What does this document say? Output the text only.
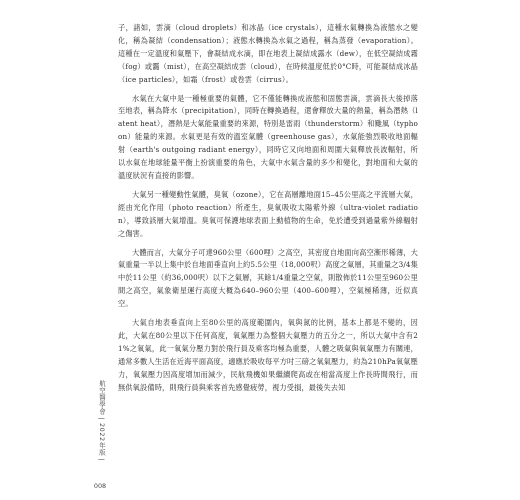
子，諸如，雲滴（cloud droplets）和冰晶（ice crystals），這種水氣轉換為液態水之變化，稱為凝結（condensation）；液態水轉換為水氣之過程，稱為蒸發（evaporation）。這種在一定溫度和氣壓下，會凝結成水滴，即在地表上凝結成露水（dew），在低空凝結成霧（fog）或靄（mist），在高空凝結成雲（cloud），在時候溫度低於0°C時，可能凝結成冰晶（ice particles），如霜（frost）或卷雲（cirrus）。

水氣在大氣中是一種極重要的氣體，它不僅能轉換成液態和固態雲滴，雲滴長大後掉落至地表，稱為降水（precipitation），同時在轉換過程，還會釋放大量的熱量，稱為潛熱（latent heat），潛熱是大氣能量重要的來源，特別是雷雨（thunderstorm）和颱風（typhoon）能量的來源。水氣更是有效的溫室氣體（greenhouse gas），水氣能強烈吸收地面輻射（earth's outgoing radiant energy），同時它又向地面和周圍大氣釋放長波輻射，所以水氣在地球能量平衡上扮演重要的角色，大氣中水氣含量的多少和變化，對地面和大氣的溫度狀況有直接的影響。

大氣另一種變動性氣體，臭氧（ozone），它在高層離地面15–45公里高之平流層大氣，經由光化作用（photo reaction）所產生，臭氧吸收太陽紫外線（ultra-violet radiation），導致該層大氣增溫。臭氧可保護地球表面上動植物的生命，免於遭受到過量紫外線輻射之傷害。

大體而言，大氣分子可達960公里（600哩）之高空，其密度自地面向高空漸形稀薄，大氣重量一半以上集中於自地面垂直向上約5.5公里（18,000呎）高度之氣層，其重量之3/4集中於11公里（約36,000呎）以下之氣層，其餘1/4重量之空氣，則散佈於11公里至960公里間之高空，氣象衛星運行高度大概為640–960公里（400–600哩），空氣極稀薄，近似真空。

大氣自地表垂直向上至80公里的高度範圍內，氧與氮的比例，基本上都是不變的，因此，大氣在80公里以下任何高度，氧氣壓力為整個大氣壓力的五分之一，所以大氣中含有21%之氧氣，此一氧氣分壓力對於飛行員及乘客均極為重要，人體之吸氣與氧氣壓力有關連，通常多數人生活在近海平面高度，適應於吸收每平方吋三磅之氧氣壓力，約為210hPa氧氣壓力，氧氣壓力因高度增加而減少，民航飛機如果繼續爬高或在相當高度上作長時間飛行，而無供氧設備時，則飛行員與乘客首先感覺疲勞，視力受損，最後失去知

航空醫學會 | 2022年版 |
008
